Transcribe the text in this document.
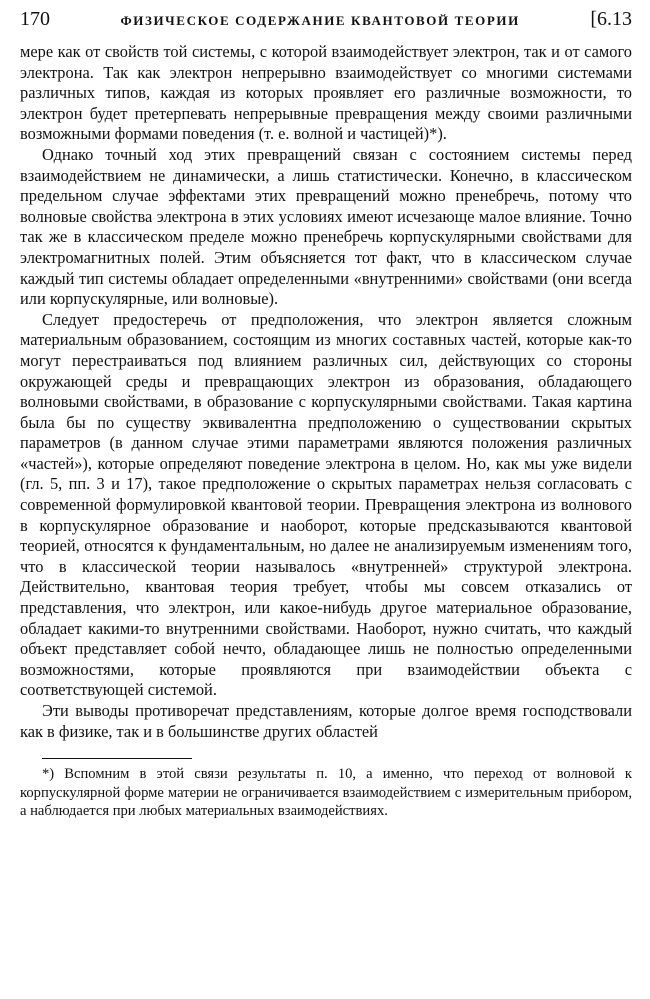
170	ФИЗИЧЕСКОЕ СОДЕРЖАНИЕ КВАНТОВОЙ ТЕОРИИ	[6.13

мере как от свойств той системы, с которой взаимодействует электрон, так и от самого электрона. Так как электрон непрерывно взаимодействует со многими системами различных типов, каждая из которых проявляет его различные возможности, то электрон будет претерпевать непрерывные превращения между своими различными возможными формами поведения (т. е. волной и частицей)*).

Однако точный ход этих превращений связан с состоянием системы перед взаимодействием не динамически, а лишь статистически. Конечно, в классическом предельном случае эффектами этих превращений можно пренебречь, потому что волновые свойства электрона в этих условиях имеют исчезающе малое влияние. Точно так же в классическом пределе можно пренебречь корпускулярными свойствами для электромагнитных полей. Этим объясняется тот факт, что в классическом случае каждый тип системы обладает определенными «внутренними» свойствами (они всегда или корпускулярные, или волновые).

Следует предостеречь от предположения, что электрон является сложным материальным образованием, состоящим из многих составных частей, которые как-то могут перестраиваться под влиянием различных сил, действующих со стороны окружающей среды и превращающих электрон из образования, обладающего волновыми свойствами, в образование с корпускулярными свойствами. Такая картина была бы по существу эквивалентна предположению о существовании скрытых параметров (в данном случае этими параметрами являются положения различных «частей»), которые определяют поведение электрона в целом. Но, как мы уже видели (гл. 5, пп. 3 и 17), такое предположение о скрытых параметрах нельзя согласовать с современной формулировкой квантовой теории. Превращения электрона из волнового в корпускулярное образование и наоборот, которые предсказываются квантовой теорией, относятся к фундаментальным, но далее не анализируемым изменениям того, что в классической теории называлось «внутренней» структурой электрона. Действительно, квантовая теория требует, чтобы мы совсем отказались от представления, что электрон, или какое-нибудь другое материальное образование, обладает какими-то внутренними свойствами. Наоборот, нужно считать, что каждый объект представляет собой нечто, обладающее лишь не полностью определенными возможностями, которые проявляются при взаимодействии объекта с соответствующей системой.

Эти выводы противоречат представлениям, которые долгое время господствовали как в физике, так и в большинстве других областей

*) Вспомним в этой связи результаты п. 10, а именно, что переход от волновой к корпускулярной форме материи не ограничивается взаимодействием с измерительным прибором, а наблюдается при любых материальных взаимодействиях.
